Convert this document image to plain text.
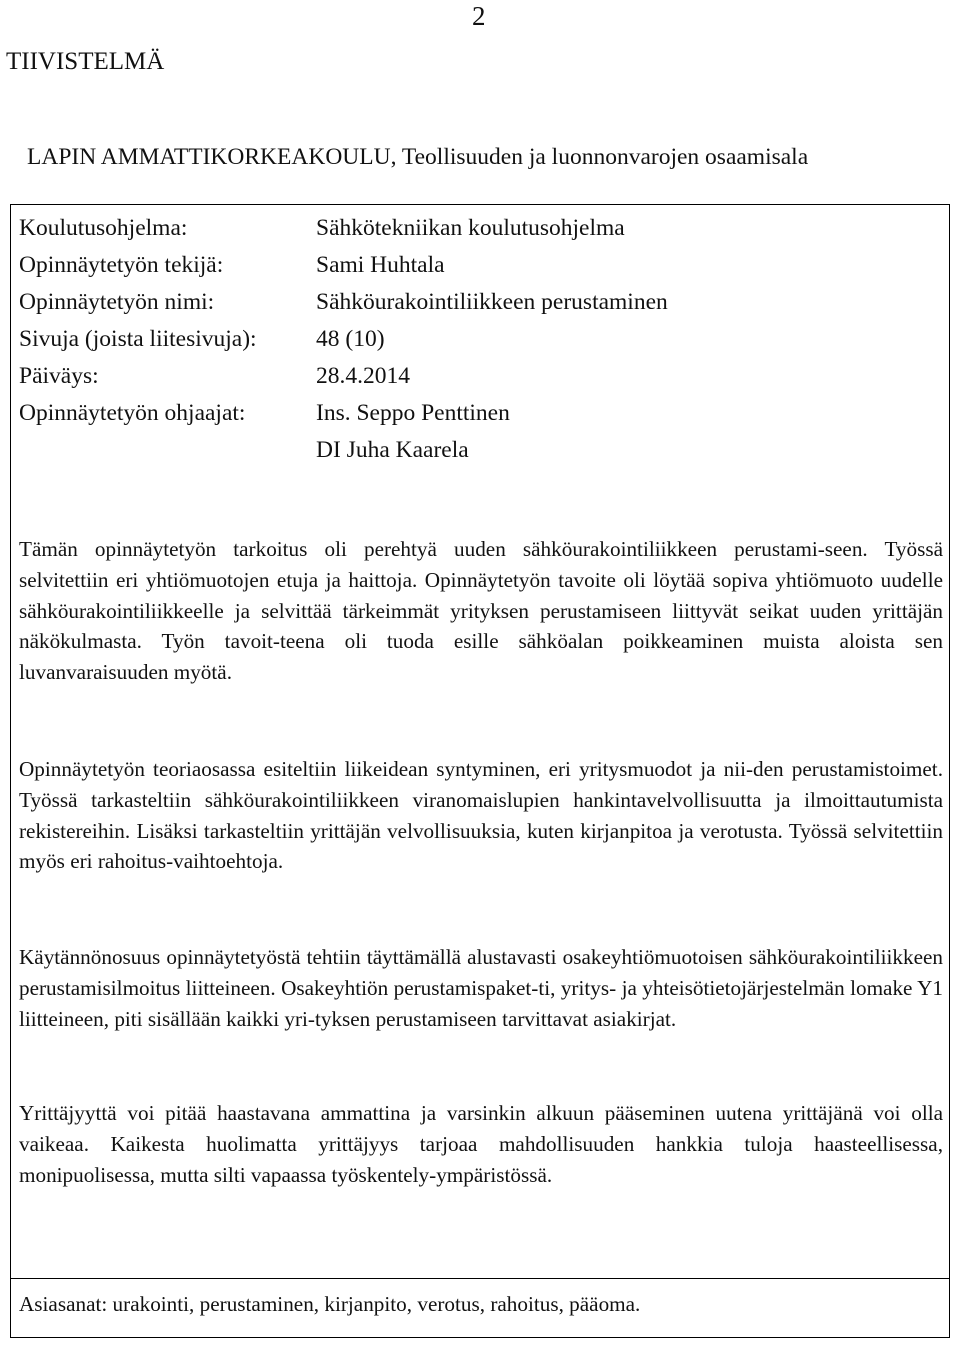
2
TIIVISTELMÄ
LAPIN AMMATTIKORKEAKOULU, Teollisuuden ja luonnonvarojen osaamisala
Koulutusohjelma:	Sähkötekniikan koulutusohjelma
Opinnäytetyön tekijä:	Sami Huhtala
Opinnäytetyön nimi:	Sähköurakointiliikkeen perustaminen
Sivuja (joista liitesivuja):	48 (10)
Päiväys:	28.4.2014
Opinnäytetyön ohjaajat:	Ins. Seppo Penttinen
DI Juha Kaarela
Tämän opinnäytetyön tarkoitus oli perehtyä uuden sähköurakointiliikkeen perustami-seen. Työssä selvitettiin eri yhtiömuotojen etuja ja haittoja. Opinnäytetyön tavoite oli löytää sopiva yhtiömuoto uudelle sähköurakointiliikkeelle ja selvittää tärkeimmät yrityksen perustamiseen liittyvät seikat uuden yrittäjän näkökulmasta. Työn tavoit-teena oli tuoda esille sähköalan poikkeaminen muista aloista sen luvanvaraisuuden myötä.
Opinnäytetyön teoriaosassa esiteltiin liikeidean syntyminen, eri yritysmuodot ja nii-den perustamistoimet. Työssä tarkasteltiin sähköurakointiliikkeen viranomaislupien hankintavelvollisuutta ja ilmoittautumista rekistereihin. Lisäksi tarkasteltiin yrittäjän velvollisuuksia, kuten kirjanpitoa ja verotusta. Työssä selvitettiin myös eri rahoitus-vaihtoehtoja.
Käytännönosuus opinnäytetyöstä tehtiin täyttämällä alustavasti osakeyhtiömuotoisen sähköurakointiliikkeen perustamisilmoitus liitteineen. Osakeyhtiön perustamispaket-ti, yritys- ja yhteisötietojärjestelmän lomake Y1 liitteineen, piti sisällään kaikki yri-tyksen perustamiseen tarvittavat asiakirjat.
Yrittäjyyttä voi pitää haastavana ammattina ja varsinkin alkuun pääseminen uutena yrittäjänä voi olla vaikeaa. Kaikesta huolimatta yrittäjyys tarjoaa mahdollisuuden hankkia tuloja haasteellisessa, monipuolisessa, mutta silti vapaassa työskentely-ympäristössä.
Asiasanat: urakointi, perustaminen, kirjanpito, verotus, rahoitus, pääoma.
